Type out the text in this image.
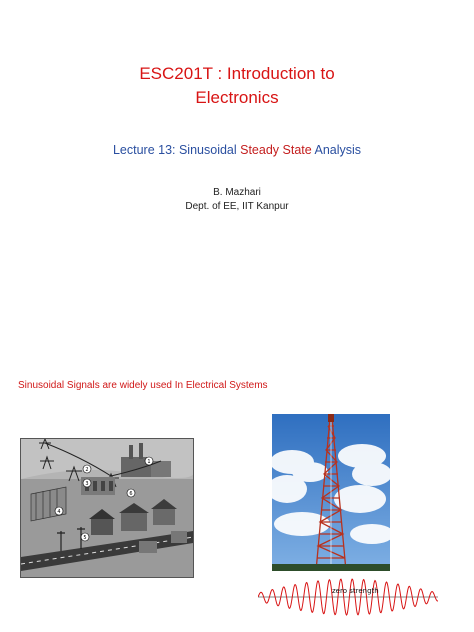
ESC201T : Introduction to
Electronics
Lecture 13: Sinusoidal Steady State Analysis
B. Mazhari
Dept. of EE, IIT Kanpur
Sinusoidal Signals are widely used In Electrical Systems
1
2
3
4
5
6
zero strength
